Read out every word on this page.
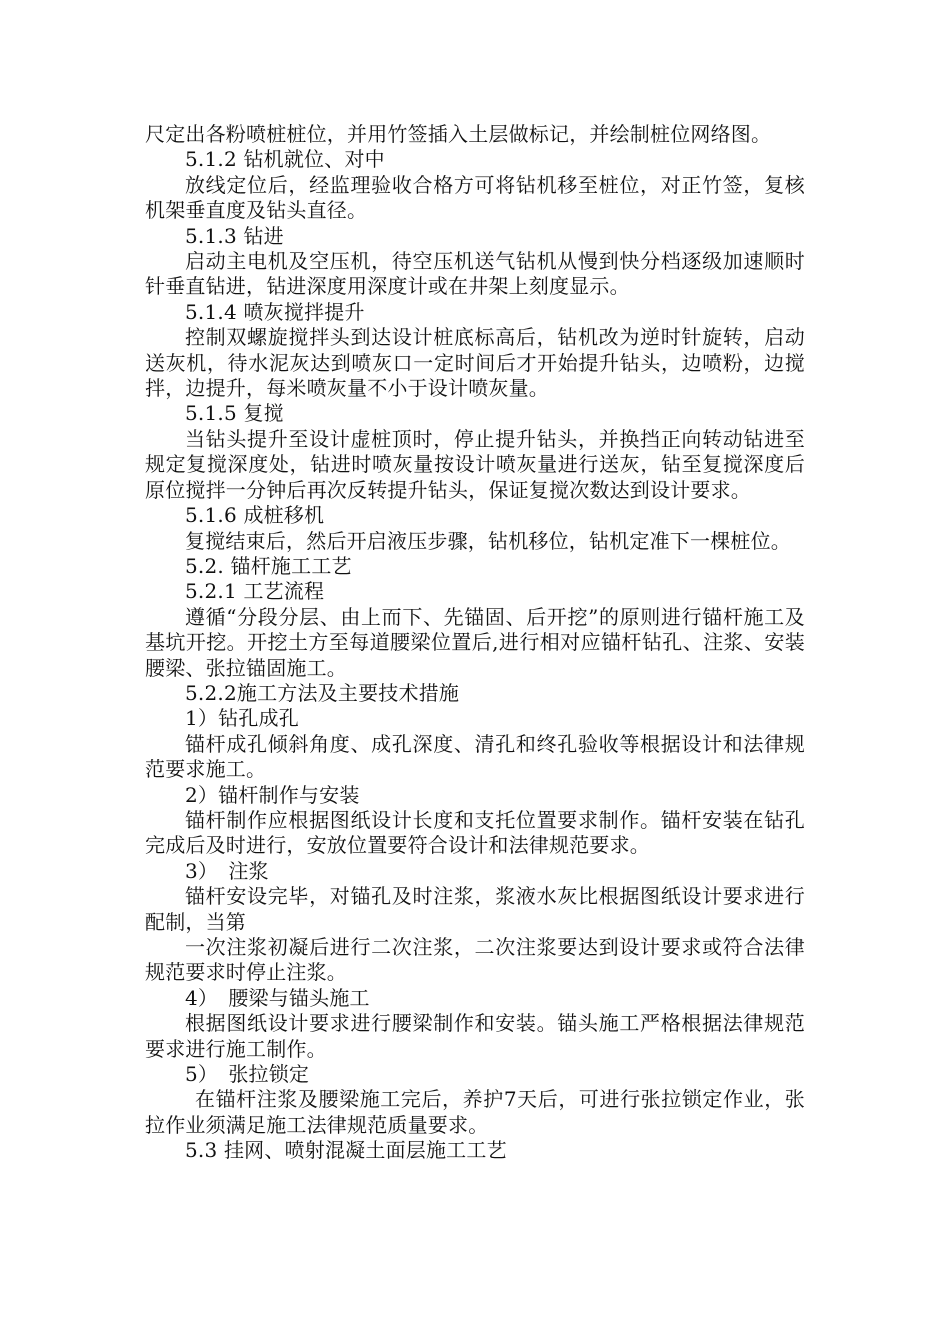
尺定出各粉喷桩桩位，并用竹签插入土层做标记，并绘制桩位网络图。

5.1.2 钻机就位、对中

放线定位后，经监理验收合格方可将钻机移至桩位，对正竹签，复核机架垂直度及钻头直径。

5.1.3 钻进

启动主电机及空压机，待空压机送气钻机从慢到快分档逐级加速顺时针垂直钻进，钻进深度用深度计或在井架上刻度显示。

5.1.4 喷灰搅拌提升

控制双螺旋搅拌头到达设计桩底标高后，钻机改为逆时针旋转，启动送灰机，待水泥灰达到喷灰口一定时间后才开始提升钻头，边喷粉，边搅拌，边提升，每米喷灰量不小于设计喷灰量。

5.1.5 复搅

当钻头提升至设计虚桩顶时，停止提升钻头，并换挡正向转动钻进至规定复搅深度处，钻进时喷灰量按设计喷灰量进行送灰，钻至复搅深度后原位搅拌一分钟后再次反转提升钻头，保证复搅次数达到设计要求。

5.1.6 成桩移机

复搅结束后，然后开启液压步骤，钻机移位，钻机定准下一棵桩位。

5.2. 锚杆施工工艺

5.2.1 工艺流程

遵循“分段分层、由上而下、先锚固、后开挖”的原则进行锚杆施工及基坑开挖。开挖土方至每道腰梁位置后,进行相对应锚杆钻孔、注浆、安装腰梁、张拉锚固施工。

5.2.2施工方法及主要技术措施

1）钻孔成孔

锚杆成孔倾斜角度、成孔深度、清孔和终孔验收等根据设计和法律规范要求施工。

2）锚杆制作与安装

锚杆制作应根据图纸设计长度和支托位置要求制作。锚杆安装在钻孔完成后及时进行，安放位置要符合设计和法律规范要求。

3）　注浆

锚杆安设完毕，对锚孔及时注浆，浆液水灰比根据图纸设计要求进行配制，当第

一次注浆初凝后进行二次注浆，二次注浆要达到设计要求或符合法律规范要求时停止注浆。

4）　腰梁与锚头施工

根据图纸设计要求进行腰梁制作和安装。锚头施工严格根据法律规范要求进行施工制作。

5）　张拉锁定

在锚杆注浆及腰梁施工完后，养护7天后，可进行张拉锁定作业，张拉作业须满足施工法律规范质量要求。

5.3 挂网、喷射混凝土面层施工工艺
